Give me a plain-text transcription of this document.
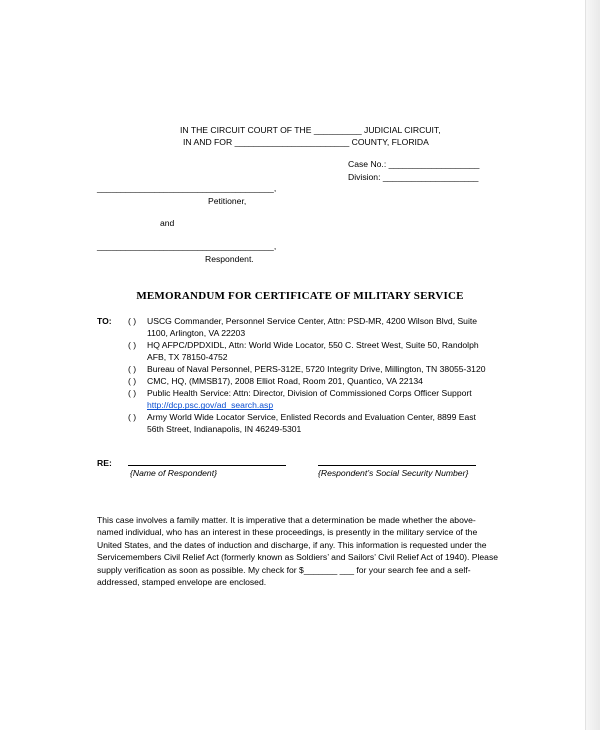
IN THE CIRCUIT COURT OF THE __________ JUDICIAL CIRCUIT,
IN AND FOR ________________________ COUNTY, FLORIDA
Case No.: ___________________
Division: ____________________
_____________________________________,
Petitioner,
and
_____________________________________,
Respondent.
MEMORANDUM FOR CERTIFICATE OF MILITARY SERVICE
TO: ( ) USCG Commander, Personnel Service Center, Attn: PSD-MR, 4200 Wilson Blvd, Suite
1100, Arlington, VA 22203
( ) HQ AFPC/DPDXIDL, Attn: World Wide Locator, 550 C. Street West, Suite 50, Randolph
AFB, TX 78150-4752
( ) Bureau of Naval Personnel, PERS-312E, 5720 Integrity Drive, Millington, TN 38055-3120
( ) CMC, HQ, (MMSB17), 2008 Elliot Road, Room 201, Quantico, VA 22134
( ) Public Health Service: Attn: Director, Division of Commissioned Corps Officer Support
http://dcp.psc.gov/ad_search.asp
( ) Army World Wide Locator Service, Enlisted Records and Evaluation Center, 8899 East
56th Street, Indianapolis, IN 46249-5301
RE:
{Name of Respondent}	{Respondent’s Social Security Number}
This case involves a family matter. It is imperative that a determination be made whether the above-
named individual, who has an interest in these proceedings, is presently in the military service of the
United States, and the dates of induction and discharge, if any. This information is requested under the
Servicemembers Civil Relief Act (formerly known as Soldiers’ and Sailors’ Civil Relief Act of 1940). Please
supply verification as soon as possible. My check for $_______ ___ for your search fee and a self-
addressed, stamped envelope are enclosed.
